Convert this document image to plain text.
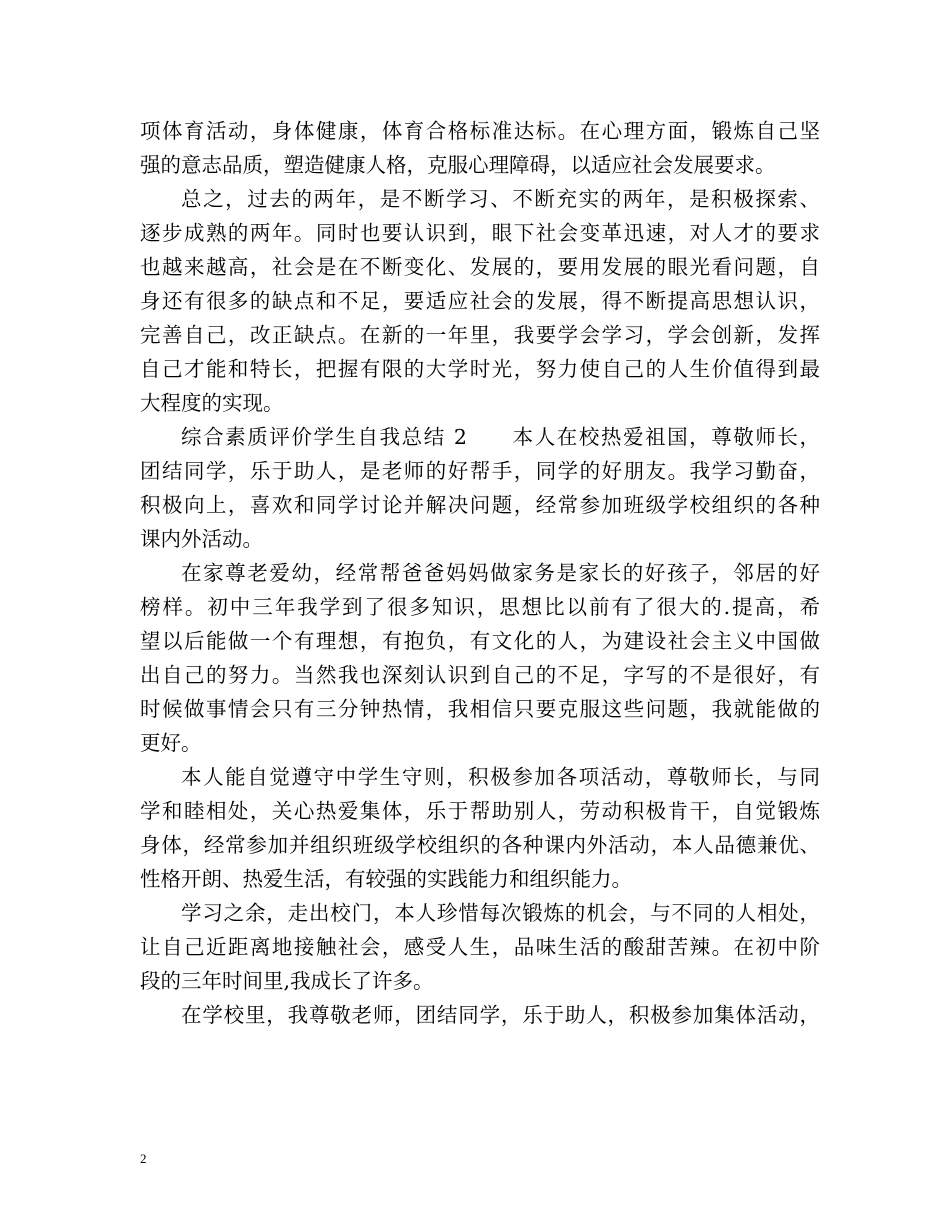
项体育活动，身体健康，体育合格标准达标。在心理方面，锻炼自己坚
强的意志品质，塑造健康人格，克服心理障碍，以适应社会发展要求。
总之，过去的两年，是不断学习、不断充实的两年，是积极探索、
逐步成熟的两年。同时也要认识到，眼下社会变革迅速，对人才的要求
也越来越高，社会是在不断变化、发展的，要用发展的眼光看问题，自
身还有很多的缺点和不足，要适应社会的发展，得不断提高思想认识，
完善自己，改正缺点。在新的一年里，我要学会学习，学会创新，发挥
自己才能和特长，把握有限的大学时光，努力使自己的人生价值得到最
大程度的实现。
综合素质评价学生自我总结 2　　本人在校热爱祖国，尊敬师长，
团结同学，乐于助人，是老师的好帮手，同学的好朋友。我学习勤奋，
积极向上，喜欢和同学讨论并解决问题，经常参加班级学校组织的各种
课内外活动。
在家尊老爱幼，经常帮爸爸妈妈做家务是家长的好孩子，邻居的好
榜样。初中三年我学到了很多知识，思想比以前有了很大的.提高，希
望以后能做一个有理想，有抱负，有文化的人，为建设社会主义中国做
出自己的努力。当然我也深刻认识到自己的不足，字写的不是很好，有
时候做事情会只有三分钟热情，我相信只要克服这些问题，我就能做的
更好。
本人能自觉遵守中学生守则，积极参加各项活动，尊敬师长，与同
学和睦相处，关心热爱集体，乐于帮助别人，劳动积极肯干，自觉锻炼
身体，经常参加并组织班级学校组织的各种课内外活动，本人品德兼优、
性格开朗、热爱生活，有较强的实践能力和组织能力。
学习之余，走出校门，本人珍惜每次锻炼的机会，与不同的人相处，
让自己近距离地接触社会，感受人生，品味生活的酸甜苦辣。在初中阶
段的三年时间里,我成长了许多。
在学校里，我尊敬老师，团结同学，乐于助人，积极参加集体活动，
2
